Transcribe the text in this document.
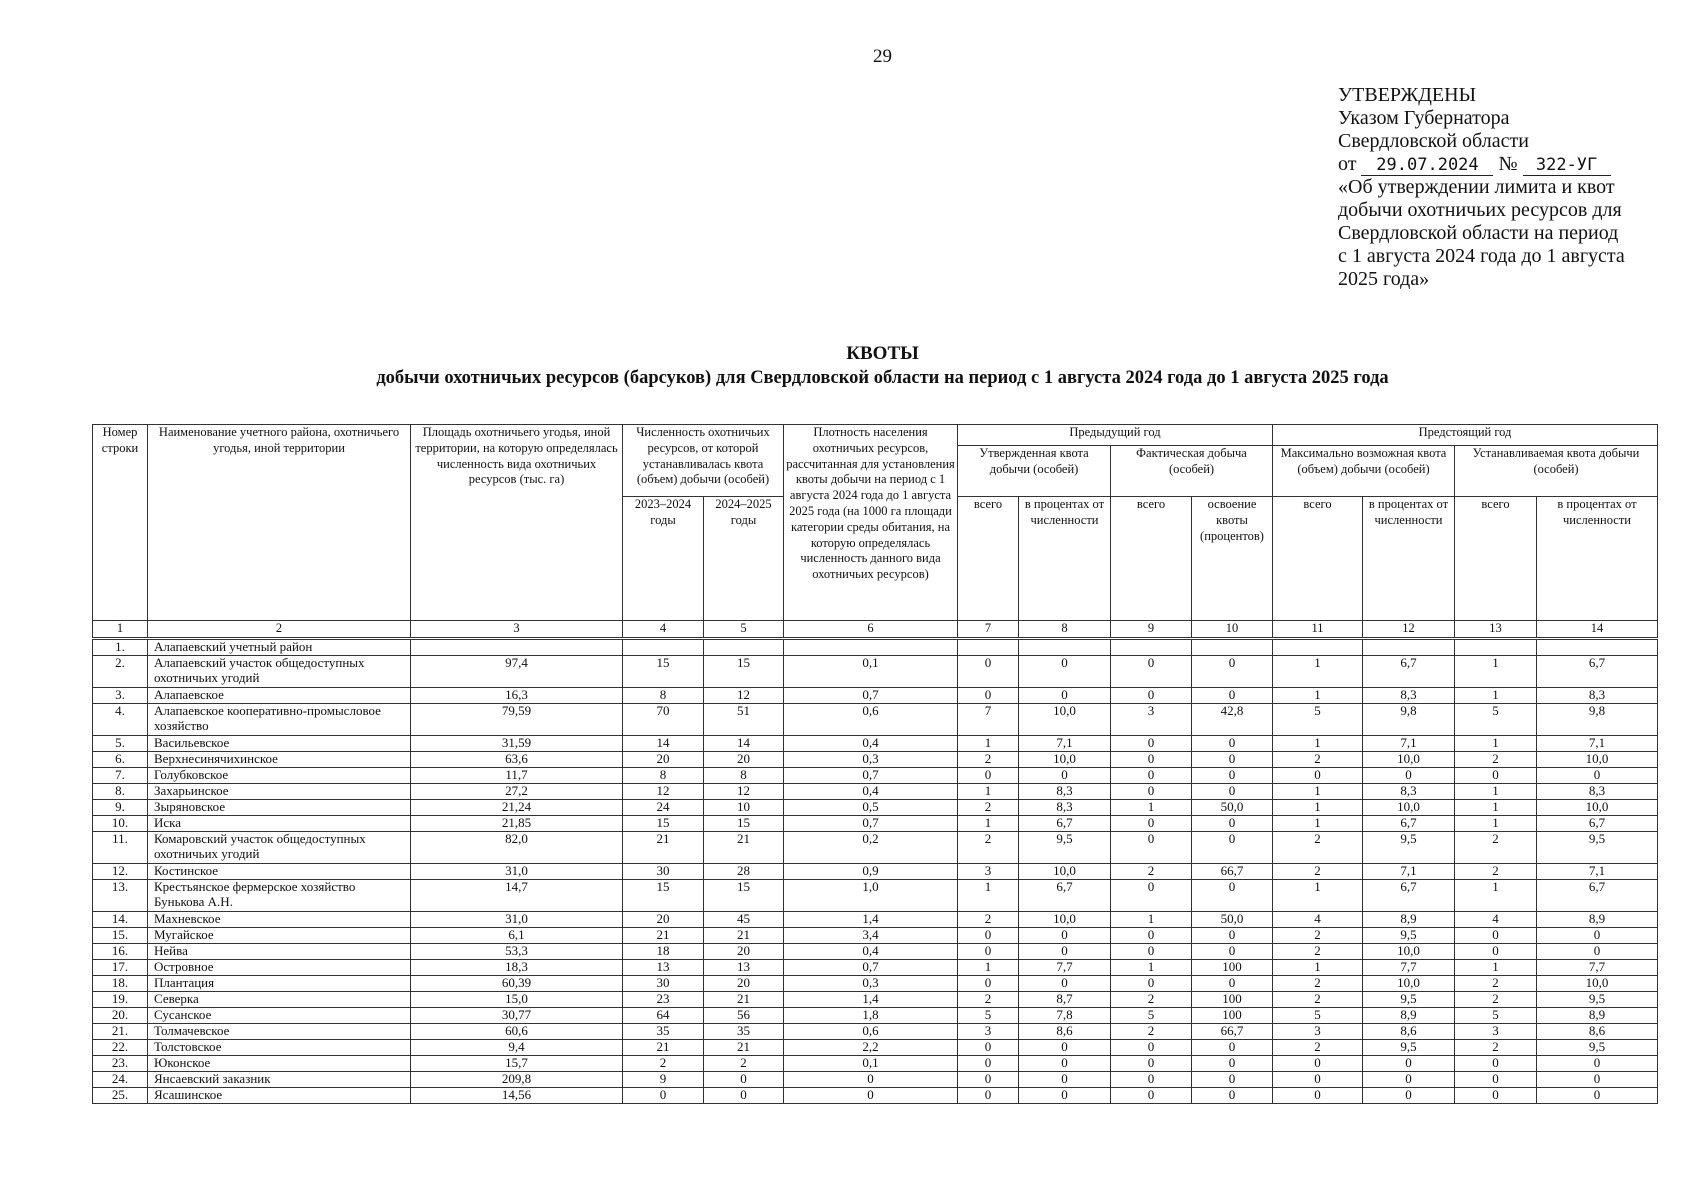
29
УТВЕРЖДЕНЫ
Указом Губернатора
Свердловской области
от 29.07.2024 № 322-УГ
«Об утверждении лимита и квот
добычи охотничьих ресурсов для
Свердловской области на период
с 1 августа 2024 года до 1 августа
2025 года»
КВОТЫ
добычи охотничьих ресурсов (барсуков) для Свердловской области на период с 1 августа 2024 года до 1 августа 2025 года
Номер строки	Наименование учетного района, охотничьего угодья, иной территории	Площадь охотничьего угодья, иной территории, на которую определялась численность вида охотничьих ресурсов (тыс. га)	Численность охотничьих ресурсов, от которой устанавливалась квота (объем) добычи (особей)		Плотность населения охотничьих ресурсов, рассчитанная для установления квоты добычи на период с 1 августа 2024 года до 1 августа 2025 года (на 1000 га площади категории среды обитания, на которую определялась численность данного вида охотничьих ресурсов)	Предыдущий год				Предстоящий год			
						Утвержденная квота добычи (особей)		Фактическая добыча (особей)		Максимально возможная квота (объем) добычи (особей)		Устанавливаемая квота добычи (особей)	
			2023–2024 годы	2024–2025 годы		всего	в процентах от численности	всего	освоение квоты (процентов)	всего	в процентах от численности	всего	в процентах от численности
1	2	3	4	5	6	7	8	9	10	11	12	13	14
1.	Алапаевский учетный район												
2.	Алапаевский участок общедоступных охотничьих угодий	97,4	15	15	0,1	0	0	0	0	1	6,7	1	6,7
3.	Алапаевское	16,3	8	12	0,7	0	0	0	0	1	8,3	1	8,3
4.	Алапаевское кооперативно-промысловое хозяйство	79,59	70	51	0,6	7	10,0	3	42,8	5	9,8	5	9,8
5.	Васильевское	31,59	14	14	0,4	1	7,1	0	0	1	7,1	1	7,1
6.	Верхнесинячихинское	63,6	20	20	0,3	2	10,0	0	0	2	10,0	2	10,0
7.	Голубковское	11,7	8	8	0,7	0	0	0	0	0	0	0	0
8.	Захарьинское	27,2	12	12	0,4	1	8,3	0	0	1	8,3	1	8,3
9.	Зыряновское	21,24	24	10	0,5	2	8,3	1	50,0	1	10,0	1	10,0
10.	Иска	21,85	15	15	0,7	1	6,7	0	0	1	6,7	1	6,7
11.	Комаровский участок общедоступных охотничьих угодий	82,0	21	21	0,2	2	9,5	0	0	2	9,5	2	9,5
12.	Костинское	31,0	30	28	0,9	3	10,0	2	66,7	2	7,1	2	7,1
13.	Крестьянское фермерское хозяйство Бунькова А.Н.	14,7	15	15	1,0	1	6,7	0	0	1	6,7	1	6,7
14.	Махневское	31,0	20	45	1,4	2	10,0	1	50,0	4	8,9	4	8,9
15.	Мугайское	6,1	21	21	3,4	0	0	0	0	2	9,5	0	0
16.	Нейва	53,3	18	20	0,4	0	0	0	0	2	10,0	0	0
17.	Островное	18,3	13	13	0,7	1	7,7	1	100	1	7,7	1	7,7
18.	Плантация	60,39	30	20	0,3	0	0	0	0	2	10,0	2	10,0
19.	Северка	15,0	23	21	1,4	2	8,7	2	100	2	9,5	2	9,5
20.	Сусанское	30,77	64	56	1,8	5	7,8	5	100	5	8,9	5	8,9
21.	Толмачевское	60,6	35	35	0,6	3	8,6	2	66,7	3	8,6	3	8,6
22.	Толстовское	9,4	21	21	2,2	0	0	0	0	2	9,5	2	9,5
23.	Юконское	15,7	2	2	0,1	0	0	0	0	0	0	0	0
24.	Янсаевский заказник	209,8	9	0	0	0	0	0	0	0	0	0	0
25.	Ясашинское	14,56	0	0	0	0	0	0	0	0	0	0	0
